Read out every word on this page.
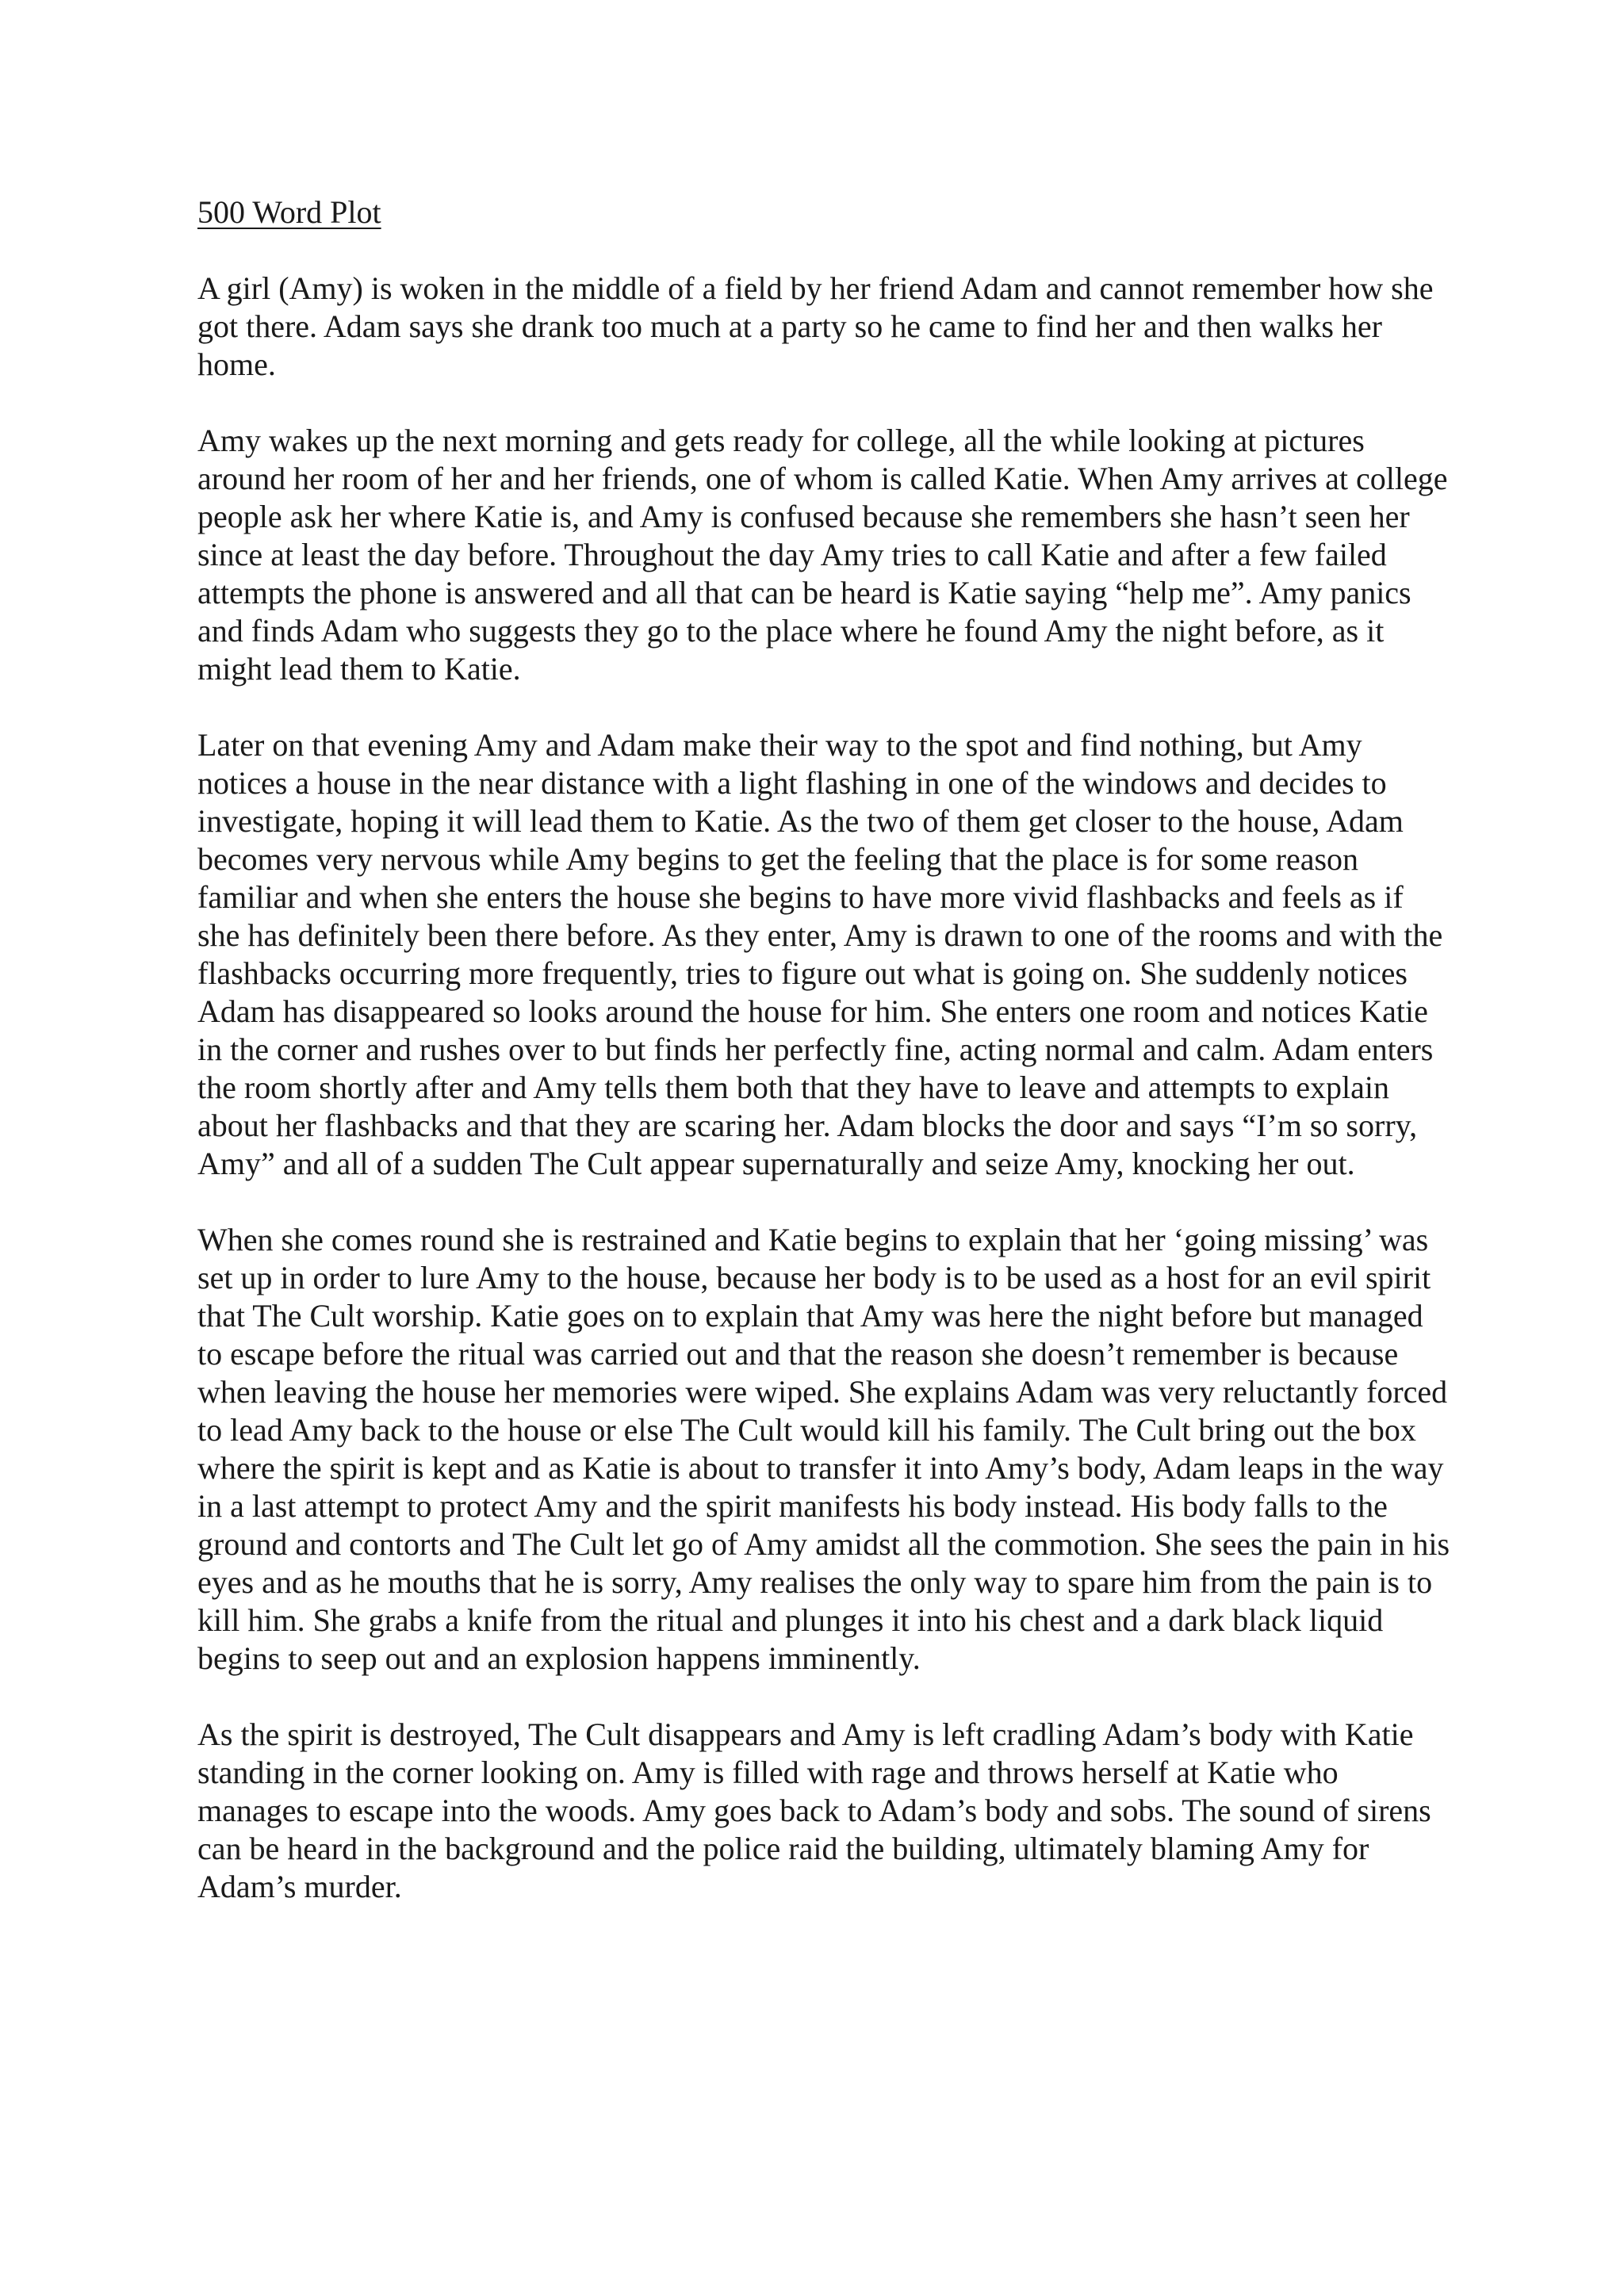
500 Word Plot

A girl (Amy) is woken in the middle of a field by her friend Adam and cannot remember how she got there. Adam says she drank too much at a party so he came to find her and then walks her home.

Amy wakes up the next morning and gets ready for college, all the while looking at pictures around her room of her and her friends, one of whom is called Katie. When Amy arrives at college people ask her where Katie is, and Amy is confused because she remembers she hasn’t seen her since at least the day before. Throughout the day Amy tries to call Katie and after a few failed attempts the phone is answered and all that can be heard is Katie saying “help me”. Amy panics and finds Adam who suggests they go to the place where he found Amy the night before, as it might lead them to Katie.

Later on that evening Amy and Adam make their way to the spot and find nothing, but Amy notices a house in the near distance with a light flashing in one of the windows and decides to investigate, hoping it will lead them to Katie. As the two of them get closer to the house, Adam becomes very nervous while Amy begins to get the feeling that the place is for some reason familiar and when she enters the house she begins to have more vivid flashbacks and feels as if she has definitely been there before. As they enter, Amy is drawn to one of the rooms and with the flashbacks occurring more frequently, tries to figure out what is going on. She suddenly notices Adam has disappeared so looks around the house for him. She enters one room and notices Katie in the corner and rushes over to but finds her perfectly fine, acting normal and calm. Adam enters the room shortly after and Amy tells them both that they have to leave and attempts to explain about her flashbacks and that they are scaring her. Adam blocks the door and says “I’m so sorry, Amy” and all of a sudden The Cult appear supernaturally and seize Amy, knocking her out.

When she comes round she is restrained and Katie begins to explain that her ‘going missing’ was set up in order to lure Amy to the house, because her body is to be used as a host for an evil spirit that The Cult worship. Katie goes on to explain that Amy was here the night before but managed to escape before the ritual was carried out and that the reason she doesn’t remember is because when leaving the house her memories were wiped. She explains Adam was very reluctantly forced to lead Amy back to the house or else The Cult would kill his family. The Cult bring out the box where the spirit is kept and as Katie is about to transfer it into Amy’s body, Adam leaps in the way in a last attempt to protect Amy and the spirit manifests his body instead. His body falls to the ground and contorts and The Cult let go of Amy amidst all the commotion. She sees the pain in his eyes and as he mouths that he is sorry, Amy realises the only way to spare him from the pain is to kill him. She grabs a knife from the ritual and plunges it into his chest and a dark black liquid begins to seep out and an explosion happens imminently.

As the spirit is destroyed, The Cult disappears and Amy is left cradling Adam’s body with Katie standing in the corner looking on. Amy is filled with rage and throws herself at Katie who manages to escape into the woods. Amy goes back to Adam’s body and sobs. The sound of sirens can be heard in the background and the police raid the building, ultimately blaming Amy for Adam’s murder.
